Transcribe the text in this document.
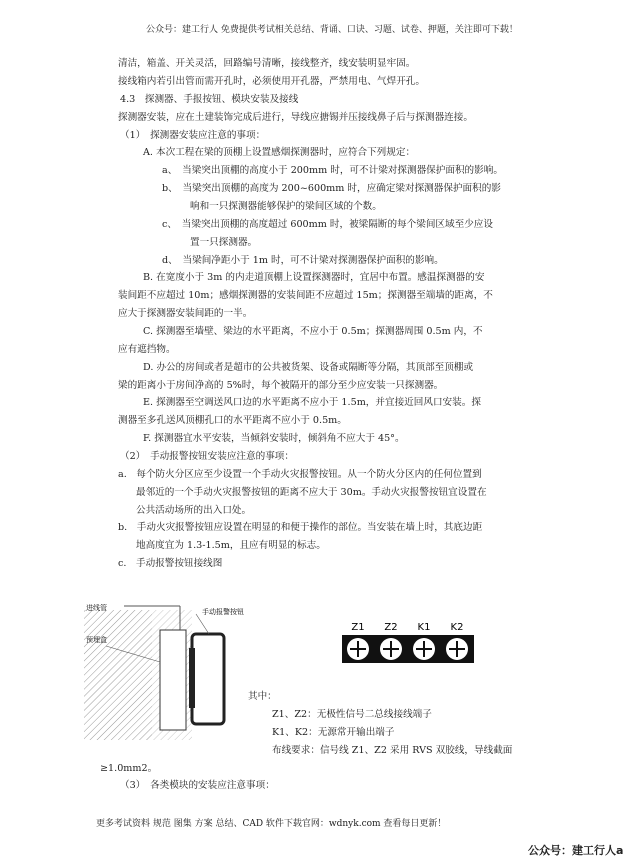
公众号：建工行人 免费提供考试相关总结、背诵、口诀、习题、试卷、押题，关注即可下载！
清洁，箱盖、开关灵活，回路编号清晰，接线整齐，线安装明显牢固。
接线箱内若引出管而需开孔时，必须使用开孔器，严禁用电、气焊开孔。
4.3　探测器、手报按钮、模块安装及接线
探测器安装，应在土建装饰完成后进行，导线应搪锡并压接线鼻子后与探测器连接。
（1）　探测器安装应注意的事项：
A. 本次工程在梁的顶棚上设置感烟探测器时，应符合下列规定：
a、　当梁突出顶棚的高度小于 200mm 时，可不计梁对探测器保护面积的影响。
b、　当梁突出顶棚的高度为 200~600mm 时，应确定梁对探测器保护面积的影
响和一只探测器能够保护的梁间区域的个数。
c、　当梁突出顶棚的高度超过 600mm 时，被梁隔断的每个梁间区域至少应设
置一只探测器。
d、　当梁间净距小于 1m 时，可不计梁对探测器保护面积的影响。
B. 在宽度小于 3m 的内走道顶棚上设置探测器时，宜居中布置。感温探测器的安
装间距不应超过 10m；感烟探测器的安装间距不应超过 15m；探测器至端墙的距离，不
应大于探测器安装间距的一半。
C. 探测器至墙壁、梁边的水平距离，不应小于 0.5m；探测器周围 0.5m 内，不
应有遮挡物。
D. 办公的房间或者是超市的公共被货架、设备或隔断等分隔，其顶部至顶棚或
梁的距离小于房间净高的 5%时，每个被隔开的部分至少应安装一只探测器。
E. 探测器至空调送风口边的水平距离不应小于 1.5m，并宜接近回风口安装。探
测器至多孔送风顶棚孔口的水平距离不应小于 0.5m。
F. 探测器宜水平安装，当倾斜安装时，倾斜角不应大于 45°。
（2）　手动报警按钮安装应注意的事项：
a.　每个防火分区应至少设置一个手动火灾报警按钮。从一个防火分区内的任何位置到
最邻近的一个手动火灾报警按钮的距离不应大于 30m。手动火灾报警按钮宜设置在
公共活动场所的出入口处。
b.　手动火灾报警按钮应设置在明显的和便于操作的部位。当安装在墙上时，其底边距
地高度宜为 1.3-1.5m，且应有明显的标志。
c.　手动报警按钮接线图
进线管	手动报警按钮
预埋盒
Z1 Z2 K1 K2
其中：
Z1、Z2：无极性信号二总线接线端子
K1、K2：无源常开输出端子
布线要求：信号线 Z1、Z2 采用 RVS 双胶线，导线截面
≥1.0mm2。
（3）　各类模块的安装应注意事项：
更多考试资料 规范 图集 方案 总结、CAD 软件下载官网：wdnyk.com 查看每日更新！
公众号：建工行人a
